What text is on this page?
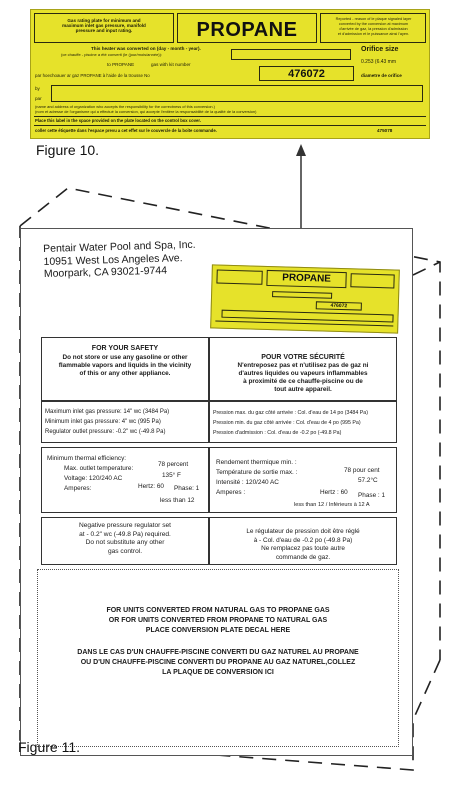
Gas rating plate for minimum and
maximum inlet gas pressure, manifold
pressure and input rating.	PROPANE	Reported - reason of le plaque signaled layer
converted by the conversion at maximum
d'arrivée de gaz, la pression d'admission
et d'admission et le puissance ainsi l'ayen.
This heater was converted on (day - month - year).
(ce chauffe - piscine a été converti (le (jour/mois/année)):
Orifice size
0.253 (6.43 mm
diametre de orifice
to PROPANE	gas with kit number
par hoechoauer ar gaz PROPANE à l'aide de la trousse No	476072
by
par
(name and address of organization who accepts the responsibility for the correctness of this conversion.)
(nom et adresse de l'organisme qui a effectué la conversion, qui accepte l'entière la responsabilité de la qualité de la conversion)
Place this label in the space provided on the plate located on the control box cover.
coller cette étiquette dans l'espace prevu a cet effet sur le couvercle de la boite commande.	475078
Figure 10.
Pentair Water Pool and Spa, Inc.
10951 West Los Angeles Ave.
Moorpark, CA 93021-9744	PROPANE
476072
FOR YOUR SAFETY
Do not store or use any gasoline or other
flammable vapors and liquids in the vicinity
of this or any other appliance.
POUR VOTRE SÉCURITÉ
N'entreposez pas et n'utilisez pas de gaz ni
d'autres liquides ou vapeurs inflammables
à proximité de ce chauffe-piscine ou de
tout autre appareil.
Maximum inlet gas pressure: 14" wc (3484 Pa)
Minimum inlet gas pressure: 4" wc (995 Pa)
Regulator outlet pressure: -0.2" wc (-49.8 Pa)
Pression max. du gaz côté arrivée : Col. d'eau de 14 po (3484 Pa)
Pression min. du gaz côté arrivée : Col. d'eau de 4 po (995 Pa)
Pression d'admission : Col. d'eau de -0.2 po (-49.8 Pa)
Minimum thermal efficiency:
78 percent
Max. outlet temperature:
135° F
Voltage: 120/240 AC
Hertz: 60 Phase: 1
Amperes:
less than 12
Rendement thermique min. :
78 pour cent
Température de sortie max. :
57.2°C
Intensité : 120/240 AC
Hertz : 60 Phase : 1
Amperes :
less than 12 / Inférieurs à 12 A
Negative pressure regulator set
at - 0.2" wc (-49.8 Pa) required.
Do not substitute any other
gas control.
Le régulateur de pression doit être réglé
à - Col. d'eau de -0.2 po (-49.8 Pa)
Ne remplacez pas toute autre
commande de gaz.
FOR UNITS CONVERTED FROM NATURAL GAS TO PROPANE GAS
OR FOR UNITS CONVERTED FROM PROPANE TO NATURAL GAS
PLACE CONVERSION PLATE DECAL HERE
DANS LE CAS D'UN CHAUFFE-PISCINE CONVERTI DU GAZ NATUREL AU PROPANE
OU D'UN CHAUFFE-PISCINE CONVERTI DU PROPANE AU GAZ NATUREL,COLLEZ
LA PLAQUE DE CONVERSION ICI
Figure 11.
